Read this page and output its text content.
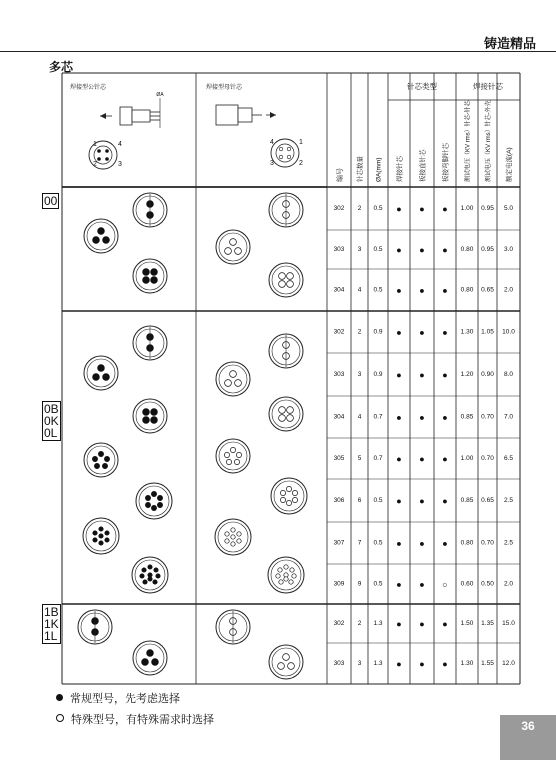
铸造精品
多芯
针芯类型	焊接针芯
编号	针芯数量 ØA(mm)	焊接针芯	板接直针芯	板接弯脚针芯	测试电压（KV rms）针芯-针芯	测试电压（KV rms）针芯-外壳	额定电流(A)
焊接型公针芯	焊接型母针芯
ØA
1	4
2	3
4	1
3	2
302 2 0.5 ● ● ● 1.00 0.95 5.0
303 3 0.5 ● ● ● 0.80 0.95 3.0
304 4 0.5 ● ● ● 0.80 0.65 2.0
302 2 0.9 ● ● ● 1.30 1.05 10.0
303 3 0.9 ● ● ● 1.20 0.90 8.0
304 4 0.7 ● ● ● 0.85 0.70 7.0
305 5 0.7 ● ● ● 1.00 0.70 6.5
306 6 0.5 ● ● ● 0.85 0.65 2.5
307 7 0.5 ● ● ● 0.80 0.70 2.5
309 9 0.5 ● ● ○ 0.60 0.50 2.0
302 2 1.3 ● ● ● 1.50 1.35 15.0
303 3 1.3 ● ● ● 1.30 1.55 12.0
00
0B
0K
0L
1B
1K
1L
常规型号，先考虑选择
特殊型号，有特殊需求时选择	36
